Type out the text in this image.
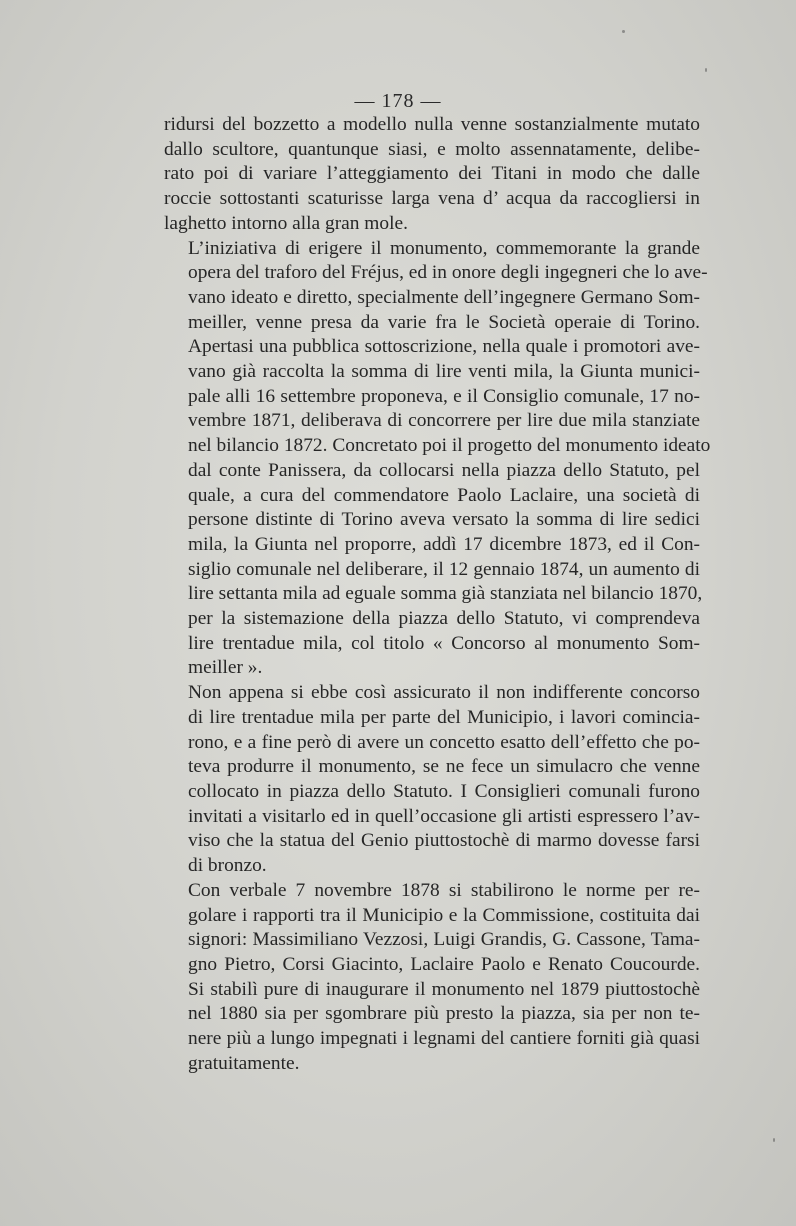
— 178 —

ridursi del bozzetto a modello nulla venne sostanzialmente mutato
dallo scultore, quantunque siasi, e molto assennatamente, delibe-
rato poi di variare l’atteggiamento dei Titani in modo che dalle
roccie sottostanti scaturisse larga vena d’ acqua da raccogliersi in
laghetto intorno alla gran mole.

L’iniziativa di erigere il monumento, commemorante la grande
opera del traforo del Fréjus, ed in onore degli ingegneri che lo ave-
vano ideato e diretto, specialmente dell’ingegnere Germano Som-
meiller, venne presa da varie fra le Società operaie di Torino.
Apertasi una pubblica sottoscrizione, nella quale i promotori ave-
vano già raccolta la somma di lire venti mila, la Giunta munici-
pale alli 16 settembre proponeva, e il Consiglio comunale, 17 no-
vembre 1871, deliberava di concorrere per lire due mila stanziate
nel bilancio 1872. Concretato poi il progetto del monumento ideato
dal conte Panissera, da collocarsi nella piazza dello Statuto, pel
quale, a cura del commendatore Paolo Laclaire, una società di
persone distinte di Torino aveva versato la somma di lire sedici
mila, la Giunta nel proporre, addì 17 dicembre 1873, ed il Con-
siglio comunale nel deliberare, il 12 gennaio 1874, un aumento di
lire settanta mila ad eguale somma già stanziata nel bilancio 1870,
per la sistemazione della piazza dello Statuto, vi comprendeva
lire trentadue mila, col titolo « Concorso al monumento Som-
meiller ».

Non appena si ebbe così assicurato il non indifferente concorso
di lire trentadue mila per parte del Municipio, i lavori comincia-
rono, e a fine però di avere un concetto esatto dell’effetto che po-
teva produrre il monumento, se ne fece un simulacro che venne
collocato in piazza dello Statuto. I Consiglieri comunali furono
invitati a visitarlo ed in quell’occasione gli artisti espressero l’av-
viso che la statua del Genio piuttostochè di marmo dovesse farsi
di bronzo.

Con verbale 7 novembre 1878 si stabilirono le norme per re-
golare i rapporti tra il Municipio e la Commissione, costituita dai
signori: Massimiliano Vezzosi, Luigi Grandis, G. Cassone, Tama-
gno Pietro, Corsi Giacinto, Laclaire Paolo e Renato Coucourde.
Si stabilì pure di inaugurare il monumento nel 1879 piuttostochè
nel 1880 sia per sgombrare più presto la piazza, sia per non te-
nere più a lungo impegnati i legnami del cantiere forniti già quasi
gratuitamente.
